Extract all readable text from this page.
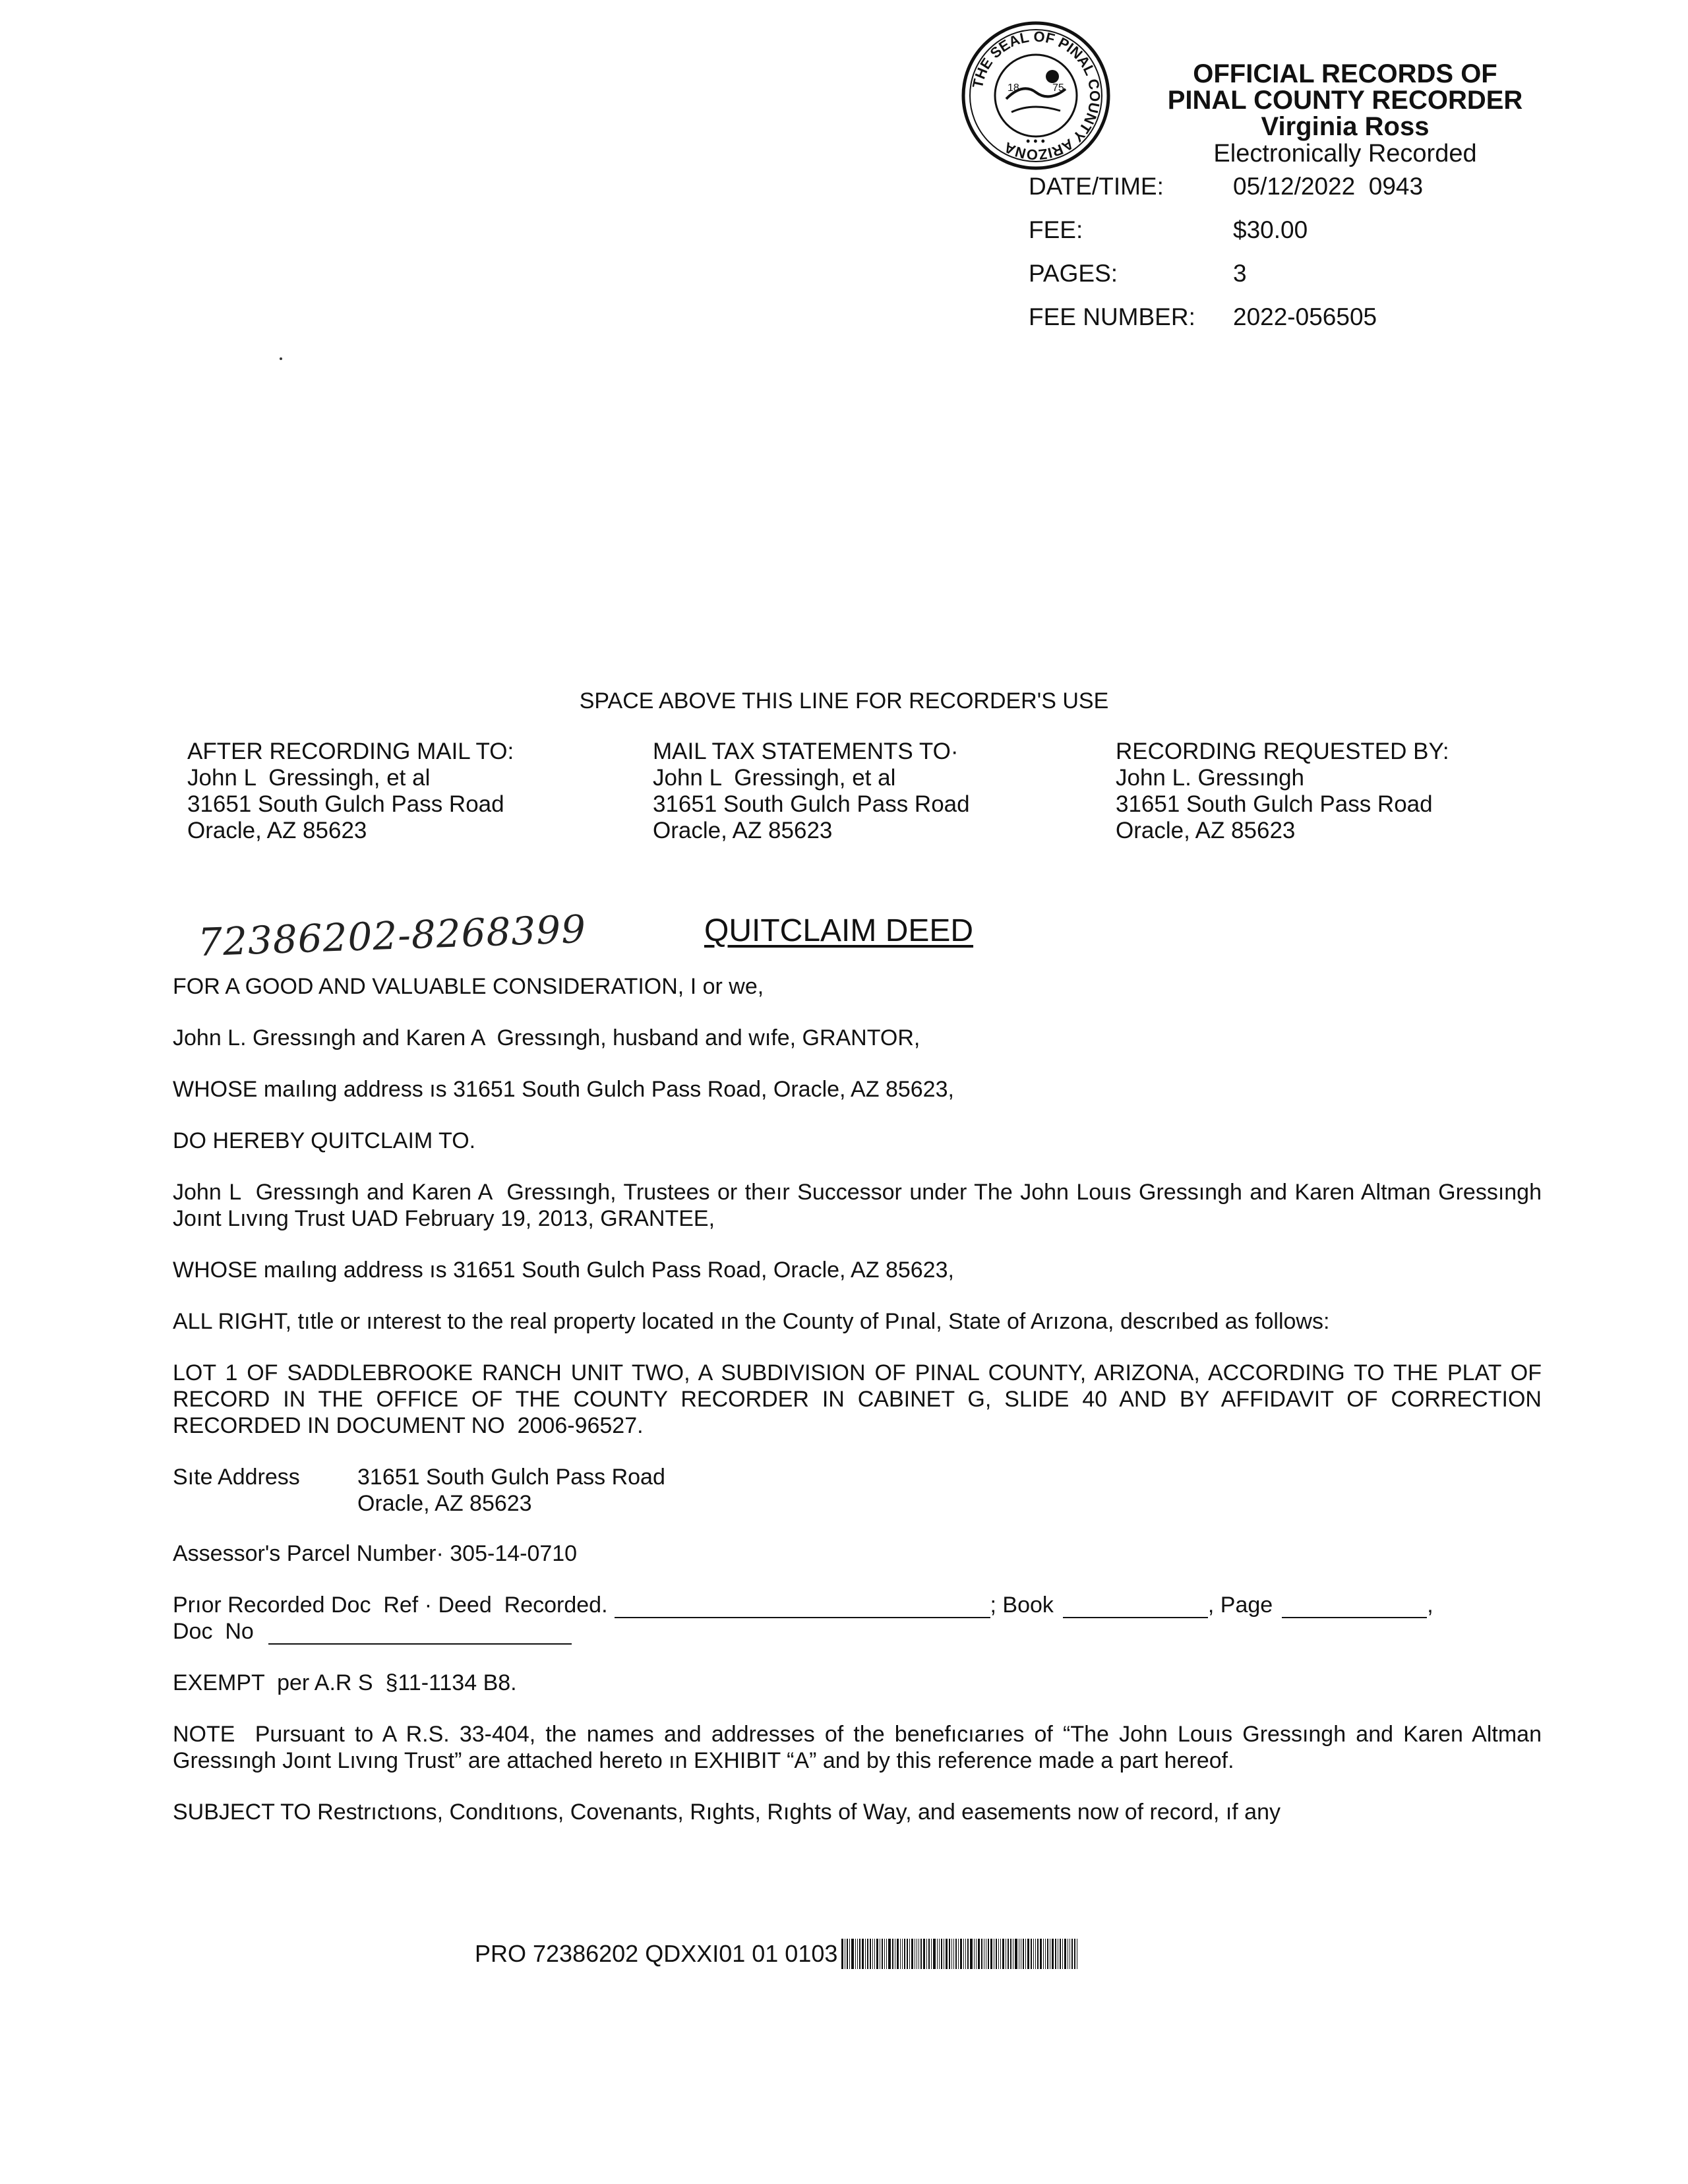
THE SEAL OF PINAL COUNTY ARIZONA
18	75
• • •
OFFICIAL RECORDS OF
PINAL COUNTY RECORDER
Virginia Ross
Electronically Recorded
DATE/TIME:	05/12/2022  0943
FEE:	$30.00
PAGES:	3
FEE NUMBER:	2022-056505
SPACE ABOVE THIS LINE FOR RECORDER'S USE
AFTER RECORDING MAIL TO:
John L  Gressingh, et al
31651 South Gulch Pass Road
Oracle, AZ 85623
MAIL TAX STATEMENTS TO·
John L  Gressingh, et al
31651 South Gulch Pass Road
Oracle, AZ 85623
RECORDING REQUESTED BY:
John L. Gressıngh
31651 South Gulch Pass Road
Oracle, AZ 85623
72386202-8268399	QUITCLAIM DEED

FOR A GOOD AND VALUABLE CONSIDERATION, I or we,

John L. Gressıngh and Karen A  Gressıngh, husband and wıfe, GRANTOR,

WHOSE maılıng address ıs 31651 South Gulch Pass Road, Oracle, AZ 85623,

DO HEREBY QUITCLAIM TO.

John L  Gressıngh and Karen A  Gressıngh, Trustees or theır Successor under The John Louıs Gressıngh and Karen Altman Gressıngh Joınt Lıvıng Trust UAD February 19, 2013, GRANTEE,

WHOSE maılıng address ıs 31651 South Gulch Pass Road, Oracle, AZ 85623,

ALL RIGHT, tıtle or ınterest to the real property located ın the County of Pınal, State of Arızona, descrıbed as follows:

LOT 1 OF SADDLEBROOKE RANCH UNIT TWO, A SUBDIVISION OF PINAL COUNTY, ARIZONA, ACCORDING TO THE PLAT OF RECORD IN THE OFFICE OF THE COUNTY RECORDER IN CABINET G, SLIDE 40 AND BY AFFIDAVIT OF CORRECTION RECORDED IN DOCUMENT NO  2006-96527.

Sıte Address	31651 South Gulch Pass Road
Oracle, AZ 85623

Assessor's Parcel Number· 305-14-0710

Prıor Recorded Doc  Ref · Deed  Recorded.	; Book	, Page	,
Doc  No

EXEMPT  per A.R S  §11-1134 B8.

NOTE  Pursuant to A R.S. 33-404, the names and addresses of the benefıcıarıes of “The John Louıs Gressıngh and Karen Altman Gressıngh Joınt Lıvıng Trust” are attached hereto ın EXHIBIT “A” and by this reference made a part hereof.

SUBJECT TO Restrıctıons, Condıtıons, Covenants, Rıghts, Rıghts of Way, and easements now of record, ıf any

PRO 72386202 QDXXI01 01 0103
